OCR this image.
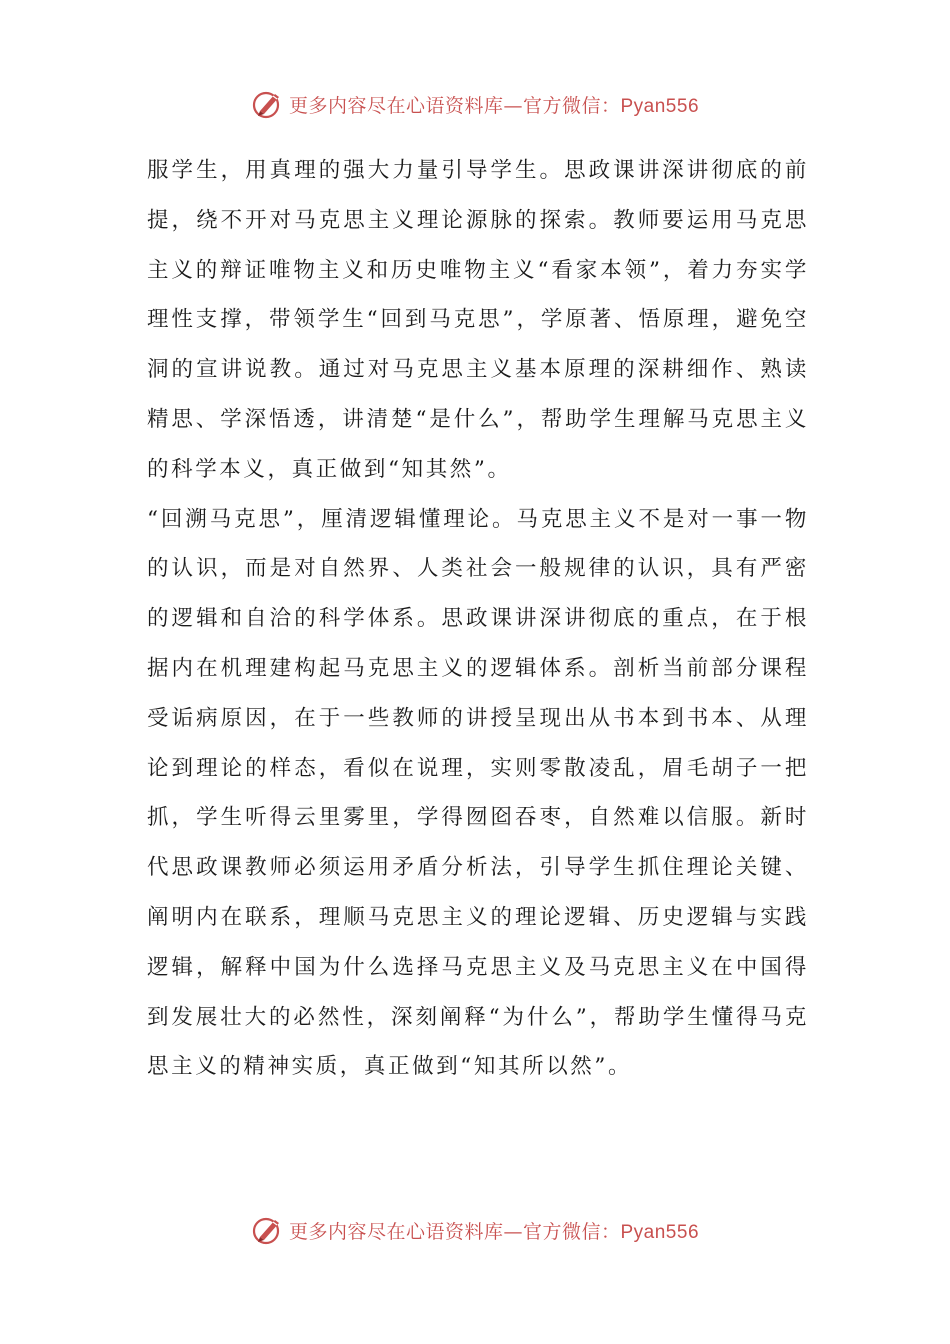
更多内容尽在心语资料库—官方微信：Pyan556

服学生，用真理的强大力量引导学生。思政课讲深讲彻底的前提，绕不开对马克思主义理论源脉的探索。教师要运用马克思主义的辩证唯物主义和历史唯物主义“看家本领”，着力夯实学理性支撑，带领学生“回到马克思”，学原著、悟原理，避免空洞的宣讲说教。通过对马克思主义基本原理的深耕细作、熟读精思、学深悟透，讲清楚“是什么”，帮助学生理解马克思主义的科学本义，真正做到“知其然”。

“回溯马克思”，厘清逻辑懂理论。马克思主义不是对一事一物的认识，而是对自然界、人类社会一般规律的认识，具有严密的逻辑和自洽的科学体系。思政课讲深讲彻底的重点，在于根据内在机理建构起马克思主义的逻辑体系。剖析当前部分课程受诟病原因，在于一些教师的讲授呈现出从书本到书本、从理论到理论的样态，看似在说理，实则零散凌乱，眉毛胡子一把抓，学生听得云里雾里，学得囫囵吞枣，自然难以信服。新时代思政课教师必须运用矛盾分析法，引导学生抓住理论关键、阐明内在联系，理顺马克思主义的理论逻辑、历史逻辑与实践逻辑，解释中国为什么选择马克思主义及马克思主义在中国得到发展壮大的必然性，深刻阐释“为什么”，帮助学生懂得马克思主义的精神实质，真正做到“知其所以然”。

更多内容尽在心语资料库—官方微信：Pyan556
